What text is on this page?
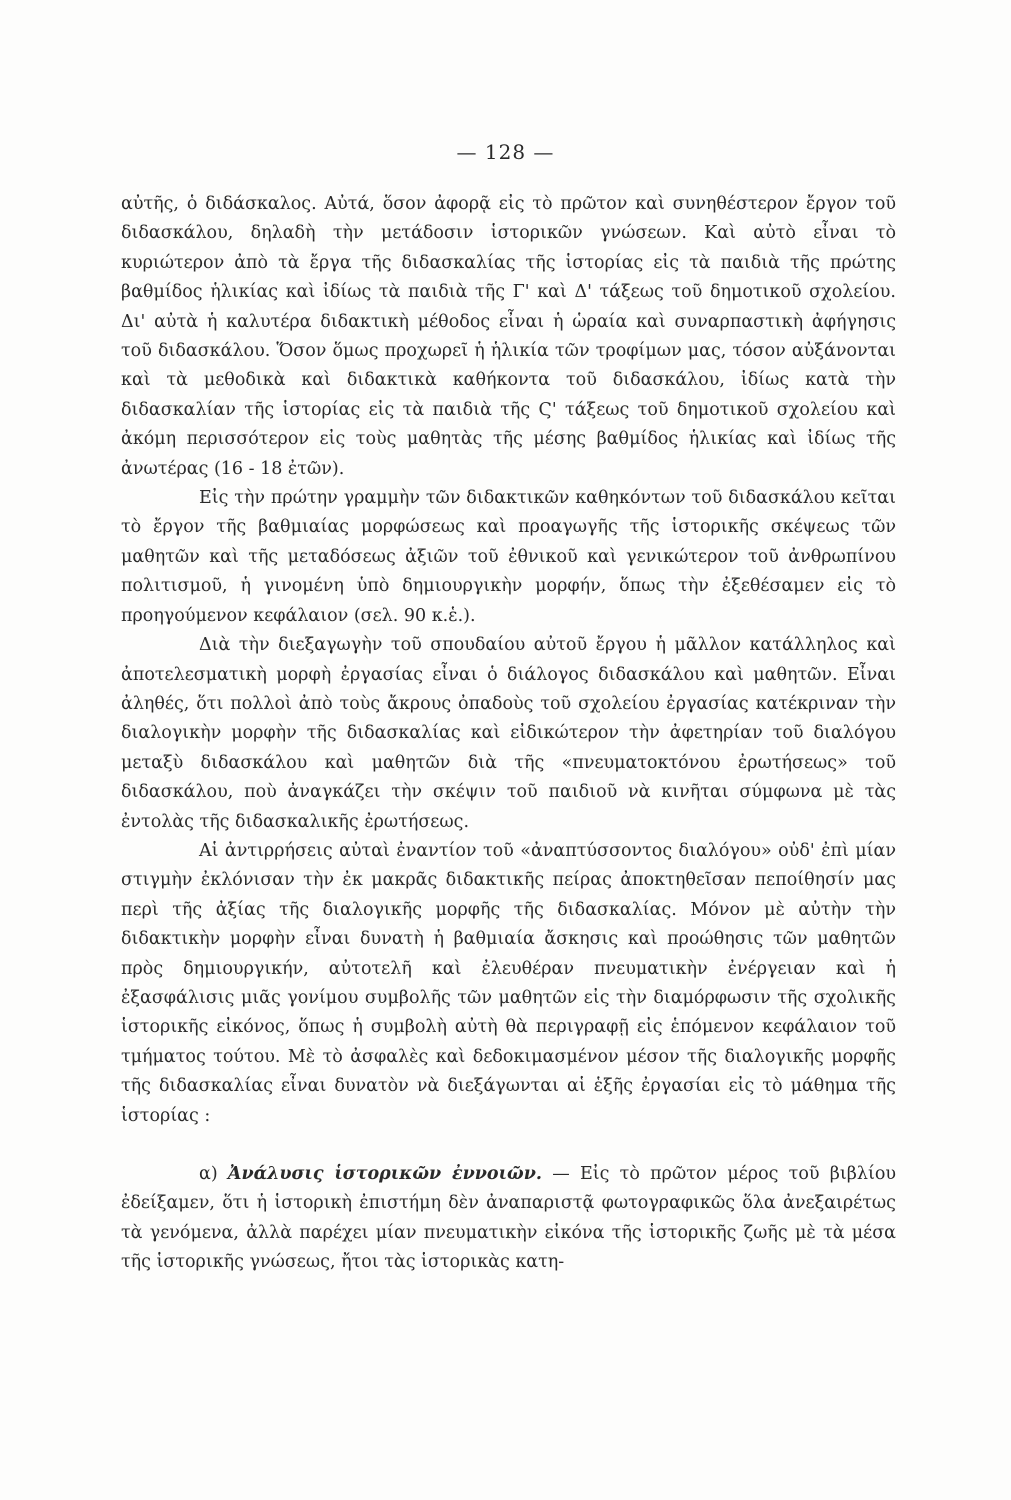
— 128 —

αὐτῆς, ὁ διδάσκαλος. Αὐτά, ὅσον ἀφορᾷ εἰς τὸ πρῶτον καὶ συνηθέστερον ἔργον τοῦ διδασκάλου, δηλαδὴ τὴν μετάδοσιν ἱστορικῶν γνώσεων. Καὶ αὐτὸ εἶναι τὸ κυριώτερον ἀπὸ τὰ ἔργα τῆς διδασκαλίας τῆς ἱστορίας εἰς τὰ παιδιὰ τῆς πρώτης βαθμίδος ἡλικίας καὶ ἰδίως τὰ παιδιὰ τῆς Γ' καὶ Δ' τάξεως τοῦ δημοτικοῦ σχολείου. Δι' αὐτὰ ἡ καλυτέρα διδακτικὴ μέθοδος εἶναι ἡ ὡραία καὶ συναρπαστικὴ ἀφήγησις τοῦ διδασκάλου. Ὅσον ὅμως προχωρεῖ ἡ ἡλικία τῶν τροφίμων μας, τόσον αὐξάνονται καὶ τὰ μεθοδικὰ καὶ διδακτικὰ καθήκοντα τοῦ διδασκάλου, ἰδίως κατὰ τὴν διδασκαλίαν τῆς ἱστορίας εἰς τὰ παιδιὰ τῆς Ϛ' τάξεως τοῦ δημοτικοῦ σχολείου καὶ ἀκόμη περισσότερον εἰς τοὺς μαθητὰς τῆς μέσης βαθμίδος ἡλικίας καὶ ἰδίως τῆς ἀνωτέρας (16 - 18 ἐτῶν).

Εἰς τὴν πρώτην γραμμὴν τῶν διδακτικῶν καθηκόντων τοῦ διδασκάλου κεῖται τὸ ἔργον τῆς βαθμιαίας μορφώσεως καὶ προαγωγῆς τῆς ἱστορικῆς σκέψεως τῶν μαθητῶν καὶ τῆς μεταδόσεως ἀξιῶν τοῦ ἐθνικοῦ καὶ γενικώτερον τοῦ ἀνθρωπίνου πολιτισμοῦ, ἡ γινομένη ὑπὸ δημιουργικὴν μορφήν, ὅπως τὴν ἐξεθέσαμεν εἰς τὸ προηγούμενον κεφάλαιον (σελ. 90 κ.ἑ.).

Διὰ τὴν διεξαγωγὴν τοῦ σπουδαίου αὐτοῦ ἔργου ἡ μᾶλλον κατάλληλος καὶ ἀποτελεσματικὴ μορφὴ ἐργασίας εἶναι ὁ διάλογος διδασκάλου καὶ μαθητῶν. Εἶναι ἀληθές, ὅτι πολλοὶ ἀπὸ τοὺς ἄκρους ὀπαδοὺς τοῦ σχολείου ἐργασίας κατέκριναν τὴν διαλογικὴν μορφὴν τῆς διδασκαλίας καὶ εἰδικώτερον τὴν ἀφετηρίαν τοῦ διαλόγου μεταξὺ διδασκάλου καὶ μαθητῶν διὰ τῆς «πνευματοκτόνου ἐρωτήσεως» τοῦ διδασκάλου, ποὺ ἀναγκάζει τὴν σκέψιν τοῦ παιδιοῦ νὰ κινῆται σύμφωνα μὲ τὰς ἐντολὰς τῆς διδασκαλικῆς ἐρωτήσεως.

Αἱ ἀντιρρήσεις αὐταὶ ἐναντίον τοῦ «ἀναπτύσσοντος διαλόγου» οὐδ' ἐπὶ μίαν στιγμὴν ἐκλόνισαν τὴν ἐκ μακρᾶς διδακτικῆς πείρας ἀποκτηθεῖσαν πεποίθησίν μας περὶ τῆς ἀξίας τῆς διαλογικῆς μορφῆς τῆς διδασκαλίας. Μόνον μὲ αὐτὴν τὴν διδακτικὴν μορφὴν εἶναι δυνατὴ ἡ βαθμιαία ἄσκησις καὶ προώθησις τῶν μαθητῶν πρὸς δημιουργικήν, αὐτοτελῆ καὶ ἐλευθέραν πνευματικὴν ἐνέργειαν καὶ ἡ ἐξασφάλισις μιᾶς γονίμου συμβολῆς τῶν μαθητῶν εἰς τὴν διαμόρφωσιν τῆς σχολικῆς ἱστορικῆς εἰκόνος, ὅπως ἡ συμβολὴ αὐτὴ θὰ περιγραφῇ εἰς ἑπόμενον κεφάλαιον τοῦ τμήματος τούτου. Μὲ τὸ ἀσφαλὲς καὶ δεδοκιμασμένον μέσον τῆς διαλογικῆς μορφῆς τῆς διδασκαλίας εἶναι δυνατὸν νὰ διεξάγωνται αἱ ἑξῆς ἐργασίαι εἰς τὸ μάθημα τῆς ἱστορίας :

α) Ἀνάλυσις ἱστορικῶν ἐννοιῶν. — Εἰς τὸ πρῶτον μέρος τοῦ βιβλίου ἐδείξαμεν, ὅτι ἡ ἱστορικὴ ἐπιστήμη δὲν ἀναπαριστᾷ φωτογραφικῶς ὅλα ἀνεξαιρέτως τὰ γενόμενα, ἀλλὰ παρέχει μίαν πνευματικὴν εἰκόνα τῆς ἱστορικῆς ζωῆς μὲ τὰ μέσα τῆς ἱστορικῆς γνώσεως, ἤτοι τὰς ἱστορικὰς κατη-
